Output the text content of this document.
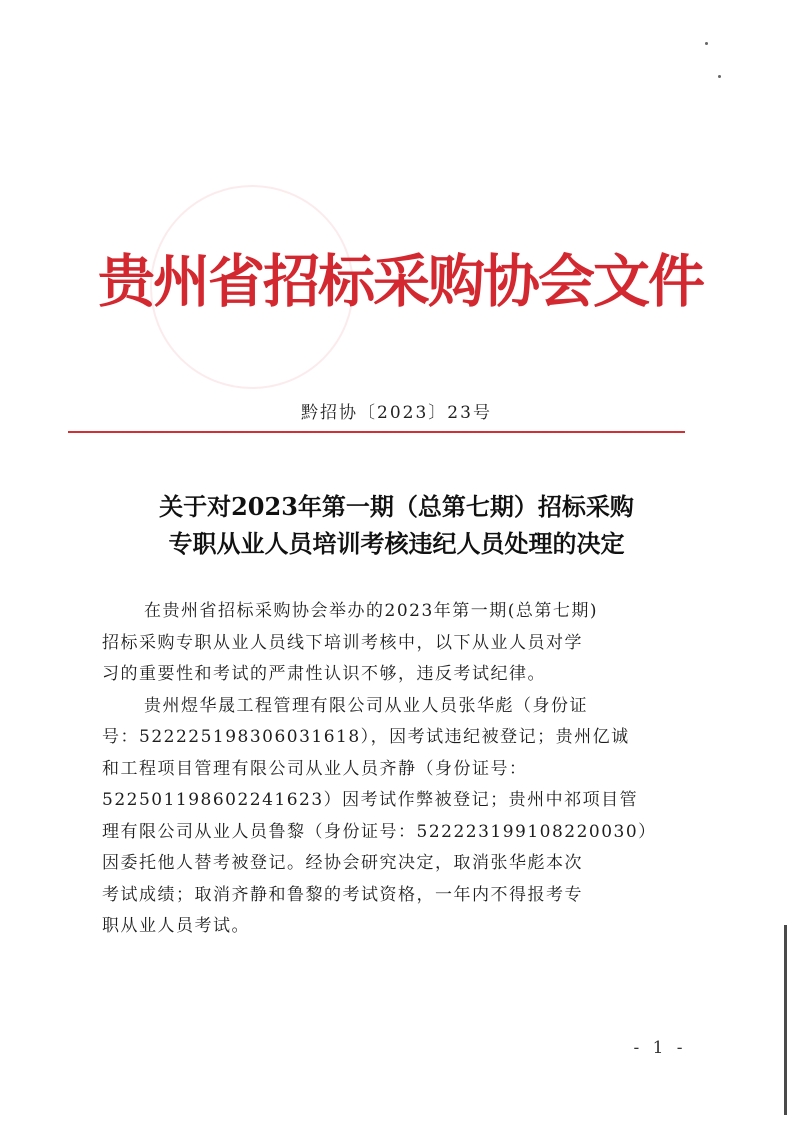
贵州省招标采购协会文件
黔招协〔2023〕23号
关于对2023年第一期（总第七期）招标采购
专职从业人员培训考核违纪人员处理的决定
在贵州省招标采购协会举办的2023年第一期(总第七期)
招标采购专职从业人员线下培训考核中，以下从业人员对学
习的重要性和考试的严肃性认识不够，违反考试纪律。
贵州煜华晟工程管理有限公司从业人员张华彪（身份证
号：522225198306031618），因考试违纪被登记；贵州亿诚
和工程项目管理有限公司从业人员齐静（身份证号：
522501198602241623）因考试作弊被登记；贵州中祁项目管
理有限公司从业人员鲁黎（身份证号：522223199108220030）
因委托他人替考被登记。经协会研究决定，取消张华彪本次
考试成绩；取消齐静和鲁黎的考试资格，一年内不得报考专
职从业人员考试。
- 1 -
